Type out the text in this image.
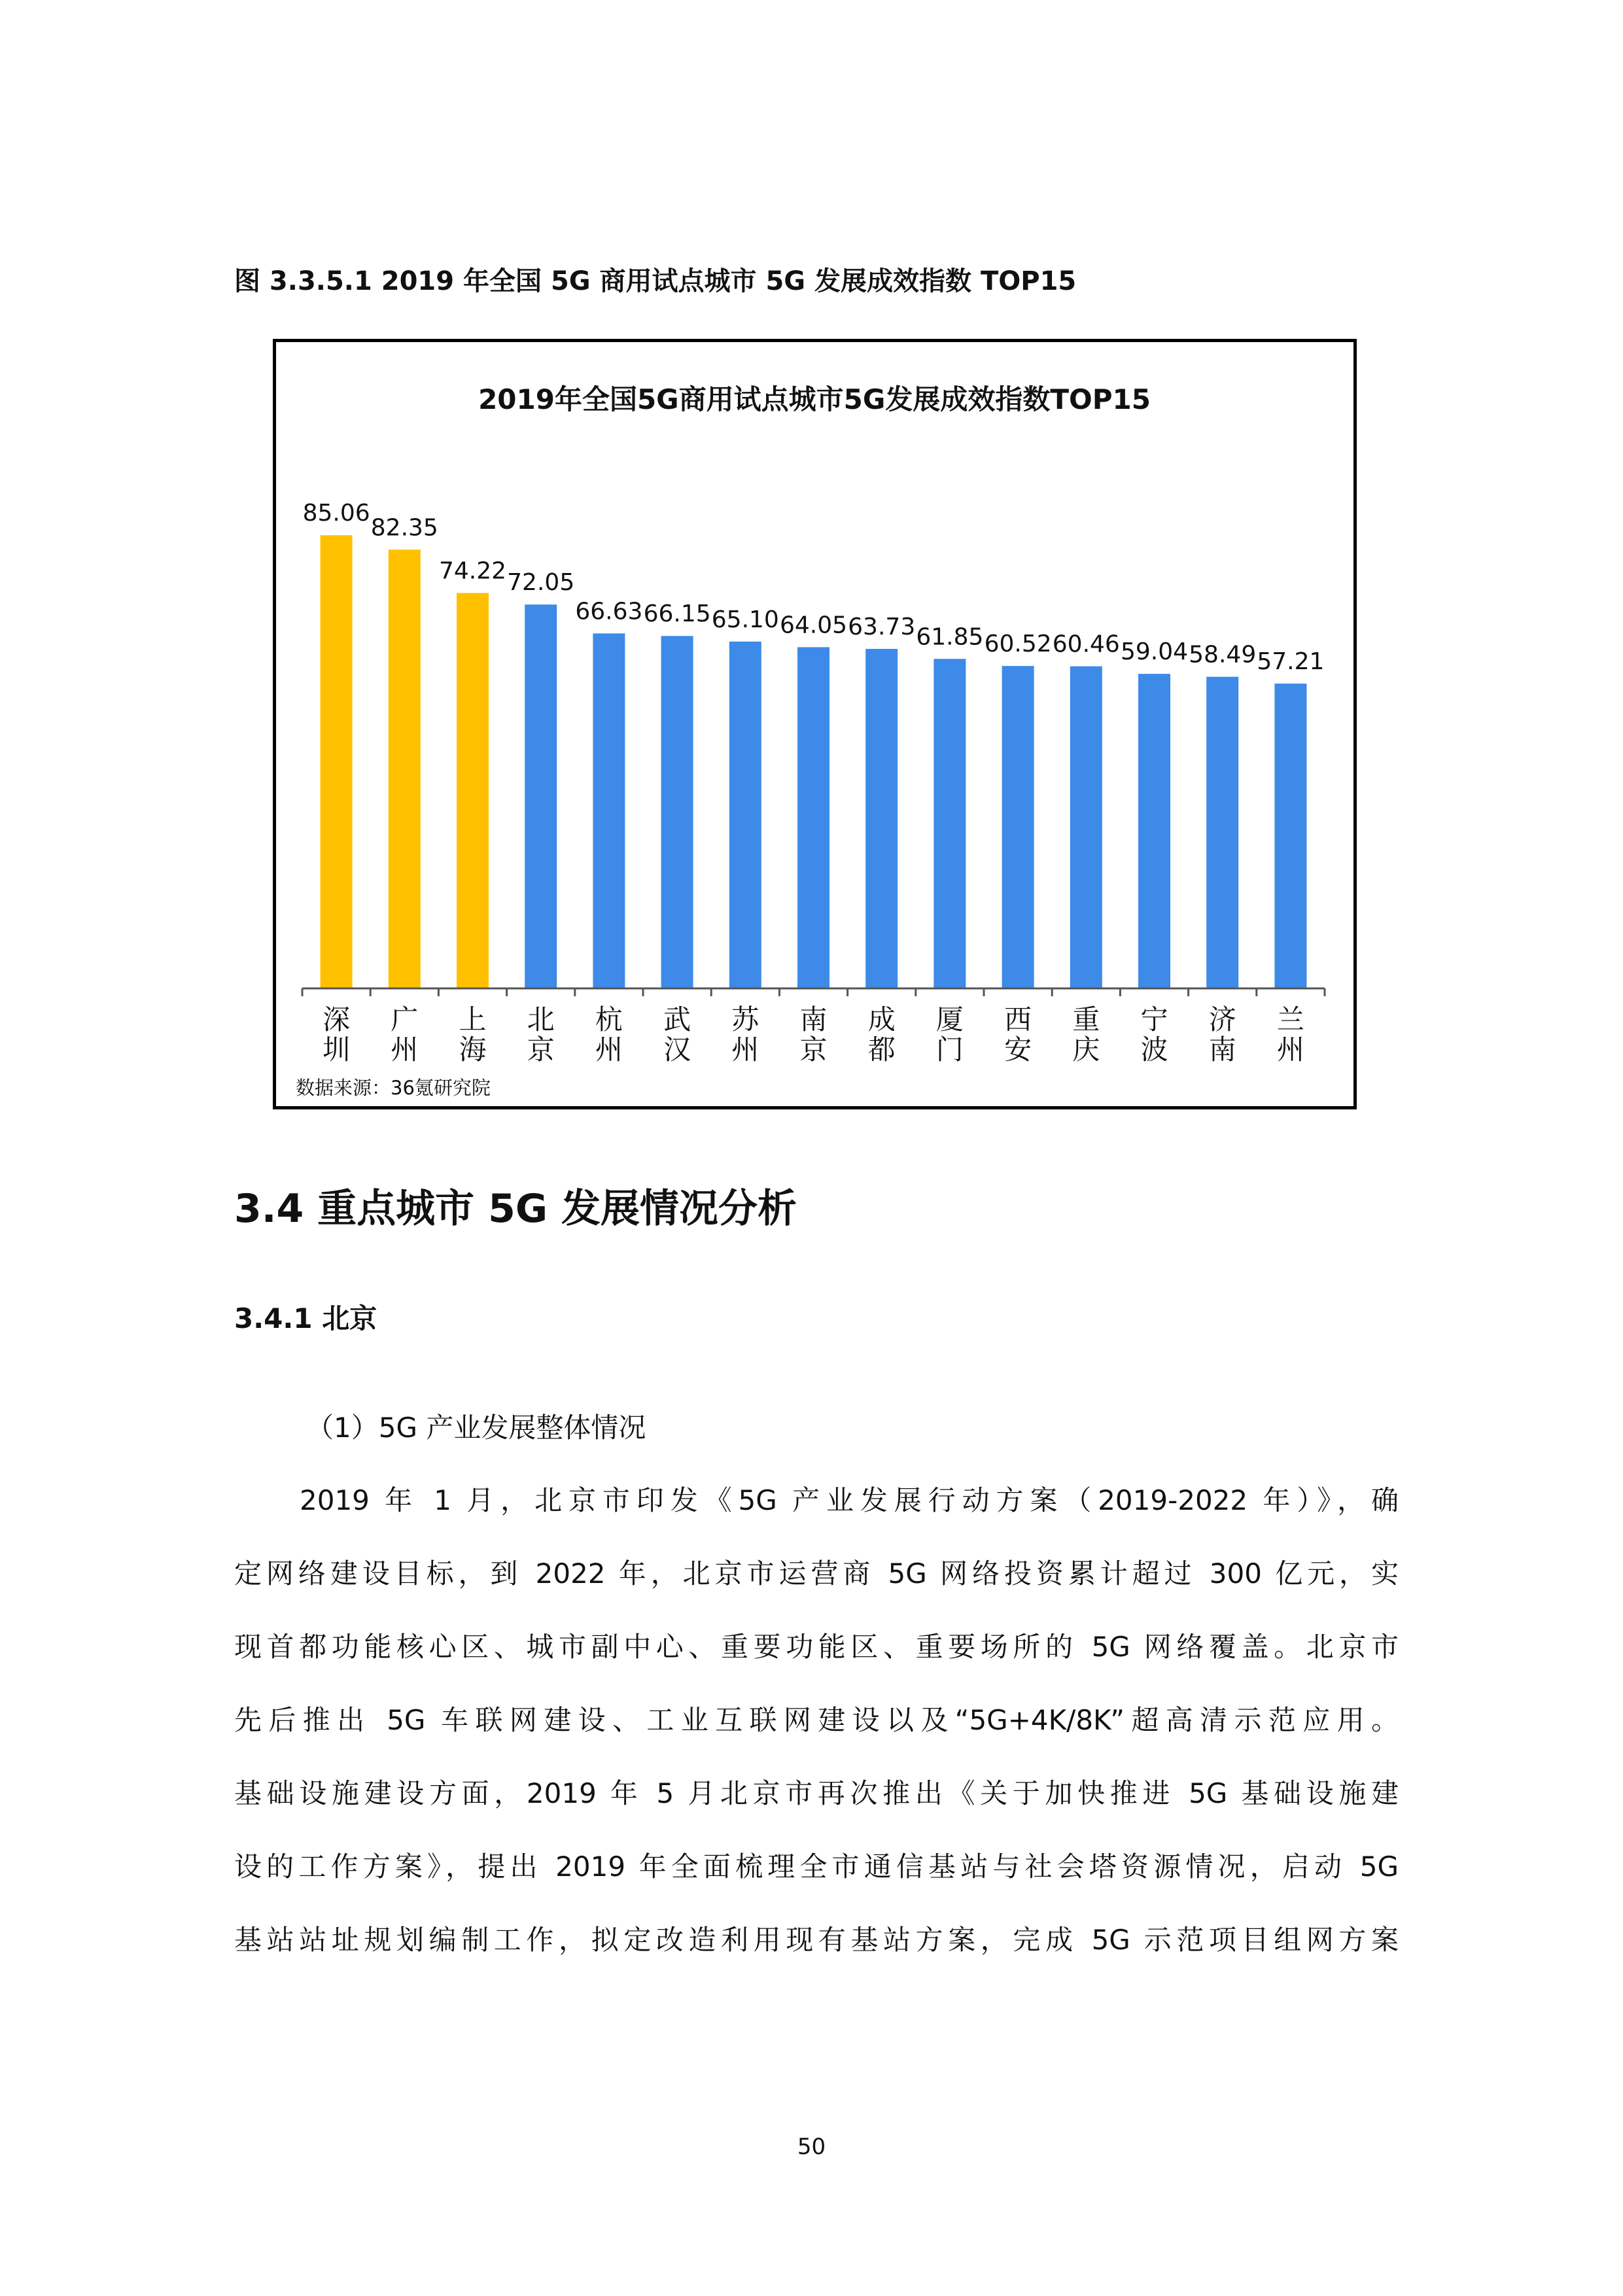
图 3.3.5.1 2019 年全国 5G 商用试点城市 5G 发展成效指数 TOP15
2019年全国5G商用试点城市5G发展成效指数TOP15
85.06
深
圳
82.35
广
州
74.22
上
海
72.05
北
京
66.63
杭
州
66.15
武
汉
65.10
苏
州
64.05
南
京
63.73
成
都
61.85
厦
门
60.52
西
安
60.46
重
庆
59.04
宁
波
58.49
济
南
57.21
兰
州
数据来源：36氪研究院
3.4 重点城市 5G 发展情况分析
3.4.1 北京
（1）5G 产业发展整体情况
2019 年 1 月，北京市印发《5G 产业发展行动方案（2019-2022 年）》，确
定网络建设目标，到 2022 年，北京市运营商 5G 网络投资累计超过 300 亿元，实
现首都功能核心区、城市副中心、重要功能区、重要场所的 5G 网络覆盖。北京市
先后推出 5G 车联网建设、工业互联网建设以及“5G+4K/8K”超高清示范应用。
基础设施建设方面，2019 年 5 月北京市再次推出《关于加快推进 5G 基础设施建
设的工作方案》，提出 2019 年全面梳理全市通信基站与社会塔资源情况，启动 5G
基站站址规划编制工作，拟定改造利用现有基站方案，完成 5G 示范项目组网方案
50
